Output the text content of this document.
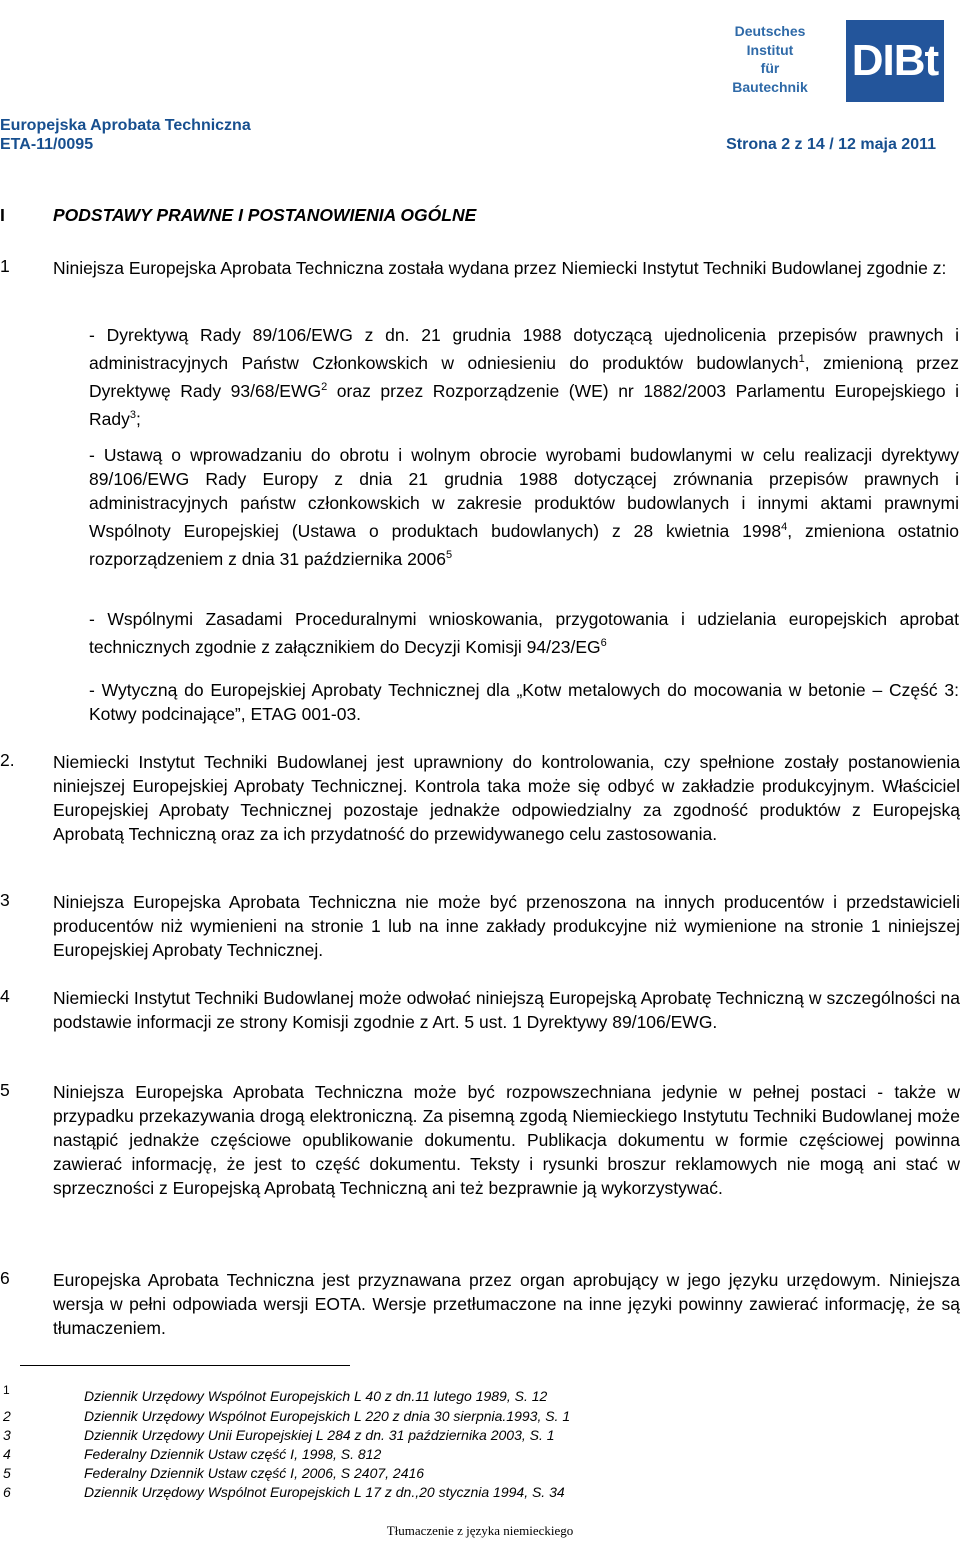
Deutsches
Institut
für
Bautechnik
DIBt
Europejska Aprobata Techniczna
ETA-11/0095	Strona 2 z 14 / 12 maja 2011
I	PODSTAWY PRAWNE I POSTANOWIENIA OGÓLNE
1 Niniejsza Europejska Aprobata Techniczna została wydana przez Niemiecki Instytut Techniki Budowlanej zgodnie z:

- Dyrektywą Rady 89/106/EWG z dn. 21 grudnia 1988 dotyczącą ujednolicenia przepisów prawnych i administracyjnych Państw Członkowskich w odniesieniu do produktów budowlanych$^1$, zmienioną przez Dyrektywę Rady 93/68/EWG$^2$ oraz przez Rozporządzenie (WE) nr 1882/2003 Parlamentu Europejskiego i Rady$^3$;

- Ustawą o wprowadzaniu do obrotu i wolnym obrocie wyrobami budowlanymi w celu realizacji dyrektywy 89/106/EWG Rady Europy z dnia 21 grudnia 1988 dotyczącej zrównania przepisów prawnych i administracyjnych państw członkowskich w zakresie produktów budowlanych i innymi aktami prawnymi Wspólnoty Europejskiej (Ustawa o produktach budowlanych) z 28 kwietnia 1998$^4$, zmieniona ostatnio rozporządzeniem z dnia 31 października 2006$^5$

- Wspólnymi Zasadami Proceduralnymi wnioskowania, przygotowania i udzielania europejskich aprobat technicznych zgodnie z załącznikiem do Decyzji Komisji $94/23/EG^6$

- Wytyczną do Europejskiej Aprobaty Technicznej dla „Kotw metalowych do mocowania w betonie – Część 3: Kotwy podcinające”, ETAG 001-03.

2. Niemiecki Instytut Techniki Budowlanej jest uprawniony do kontrolowania, czy spełnione zostały postanowienia niniejszej Europejskiej Aprobaty Technicznej. Kontrola taka może się odbyć w zakładzie produkcyjnym. Właściciel Europejskiej Aprobaty Technicznej pozostaje jednakże odpowiedzialny za zgodność produktów z Europejską Aprobatą Techniczną oraz za ich przydatność do przewidywanego celu zastosowania.

3 Niniejsza Europejska Aprobata Techniczna nie może być przenoszona na innych producentów i przedstawicieli producentów niż wymienieni na stronie 1 lub na inne zakłady produkcyjne niż wymienione na stronie 1 niniejszej Europejskiej Aprobaty Technicznej.

4 Niemiecki Instytut Techniki Budowlanej może odwołać niniejszą Europejską Aprobatę Techniczną w szczególności na podstawie informacji ze strony Komisji zgodnie z Art. 5 ust. 1 Dyrektywy 89/106/EWG.

5 Niniejsza Europejska Aprobata Techniczna może być rozpowszechniana jedynie w pełnej postaci - także w przypadku przekazywania drogą elektroniczną. Za pisemną zgodą Niemieckiego Instytutu Techniki Budowlanej może nastąpić jednakże częściowe opublikowanie dokumentu. Publikacja dokumentu w formie częściowej powinna zawierać informację, że jest to część dokumentu. Teksty i rysunki broszur reklamowych nie mogą ani stać w sprzeczności z Europejską Aprobatą Techniczną ani też bezprawnie ją wykorzystywać.

6 Europejska Aprobata Techniczna jest przyznawana przez organ aprobujący w jego języku urzędowym. Niniejsza wersja w pełni odpowiada wersji EOTA. Wersje przetłumaczone na inne języki powinny zawierać informację, że są tłumaczeniem.

1	Dziennik Urzędowy Wspólnot Europejskich L 40 z dn.11 lutego 1989, S. 12
2	Dziennik Urzędowy Wspólnot Europejskich L 220 z dnia 30 sierpnia.1993, S. 1
3	Dziennik Urzędowy Unii Europejskiej L 284 z dn. 31 października 2003, S. 1
4	Federalny Dziennik Ustaw część I, 1998, S. 812
5	Federalny Dziennik Ustaw część I, 2006, S 2407, 2416
6	Dziennik Urzędowy Wspólnot Europejskich L 17 z dn.,20 stycznia 1994, S. 34
Tłumaczenie z języka niemieckiego
